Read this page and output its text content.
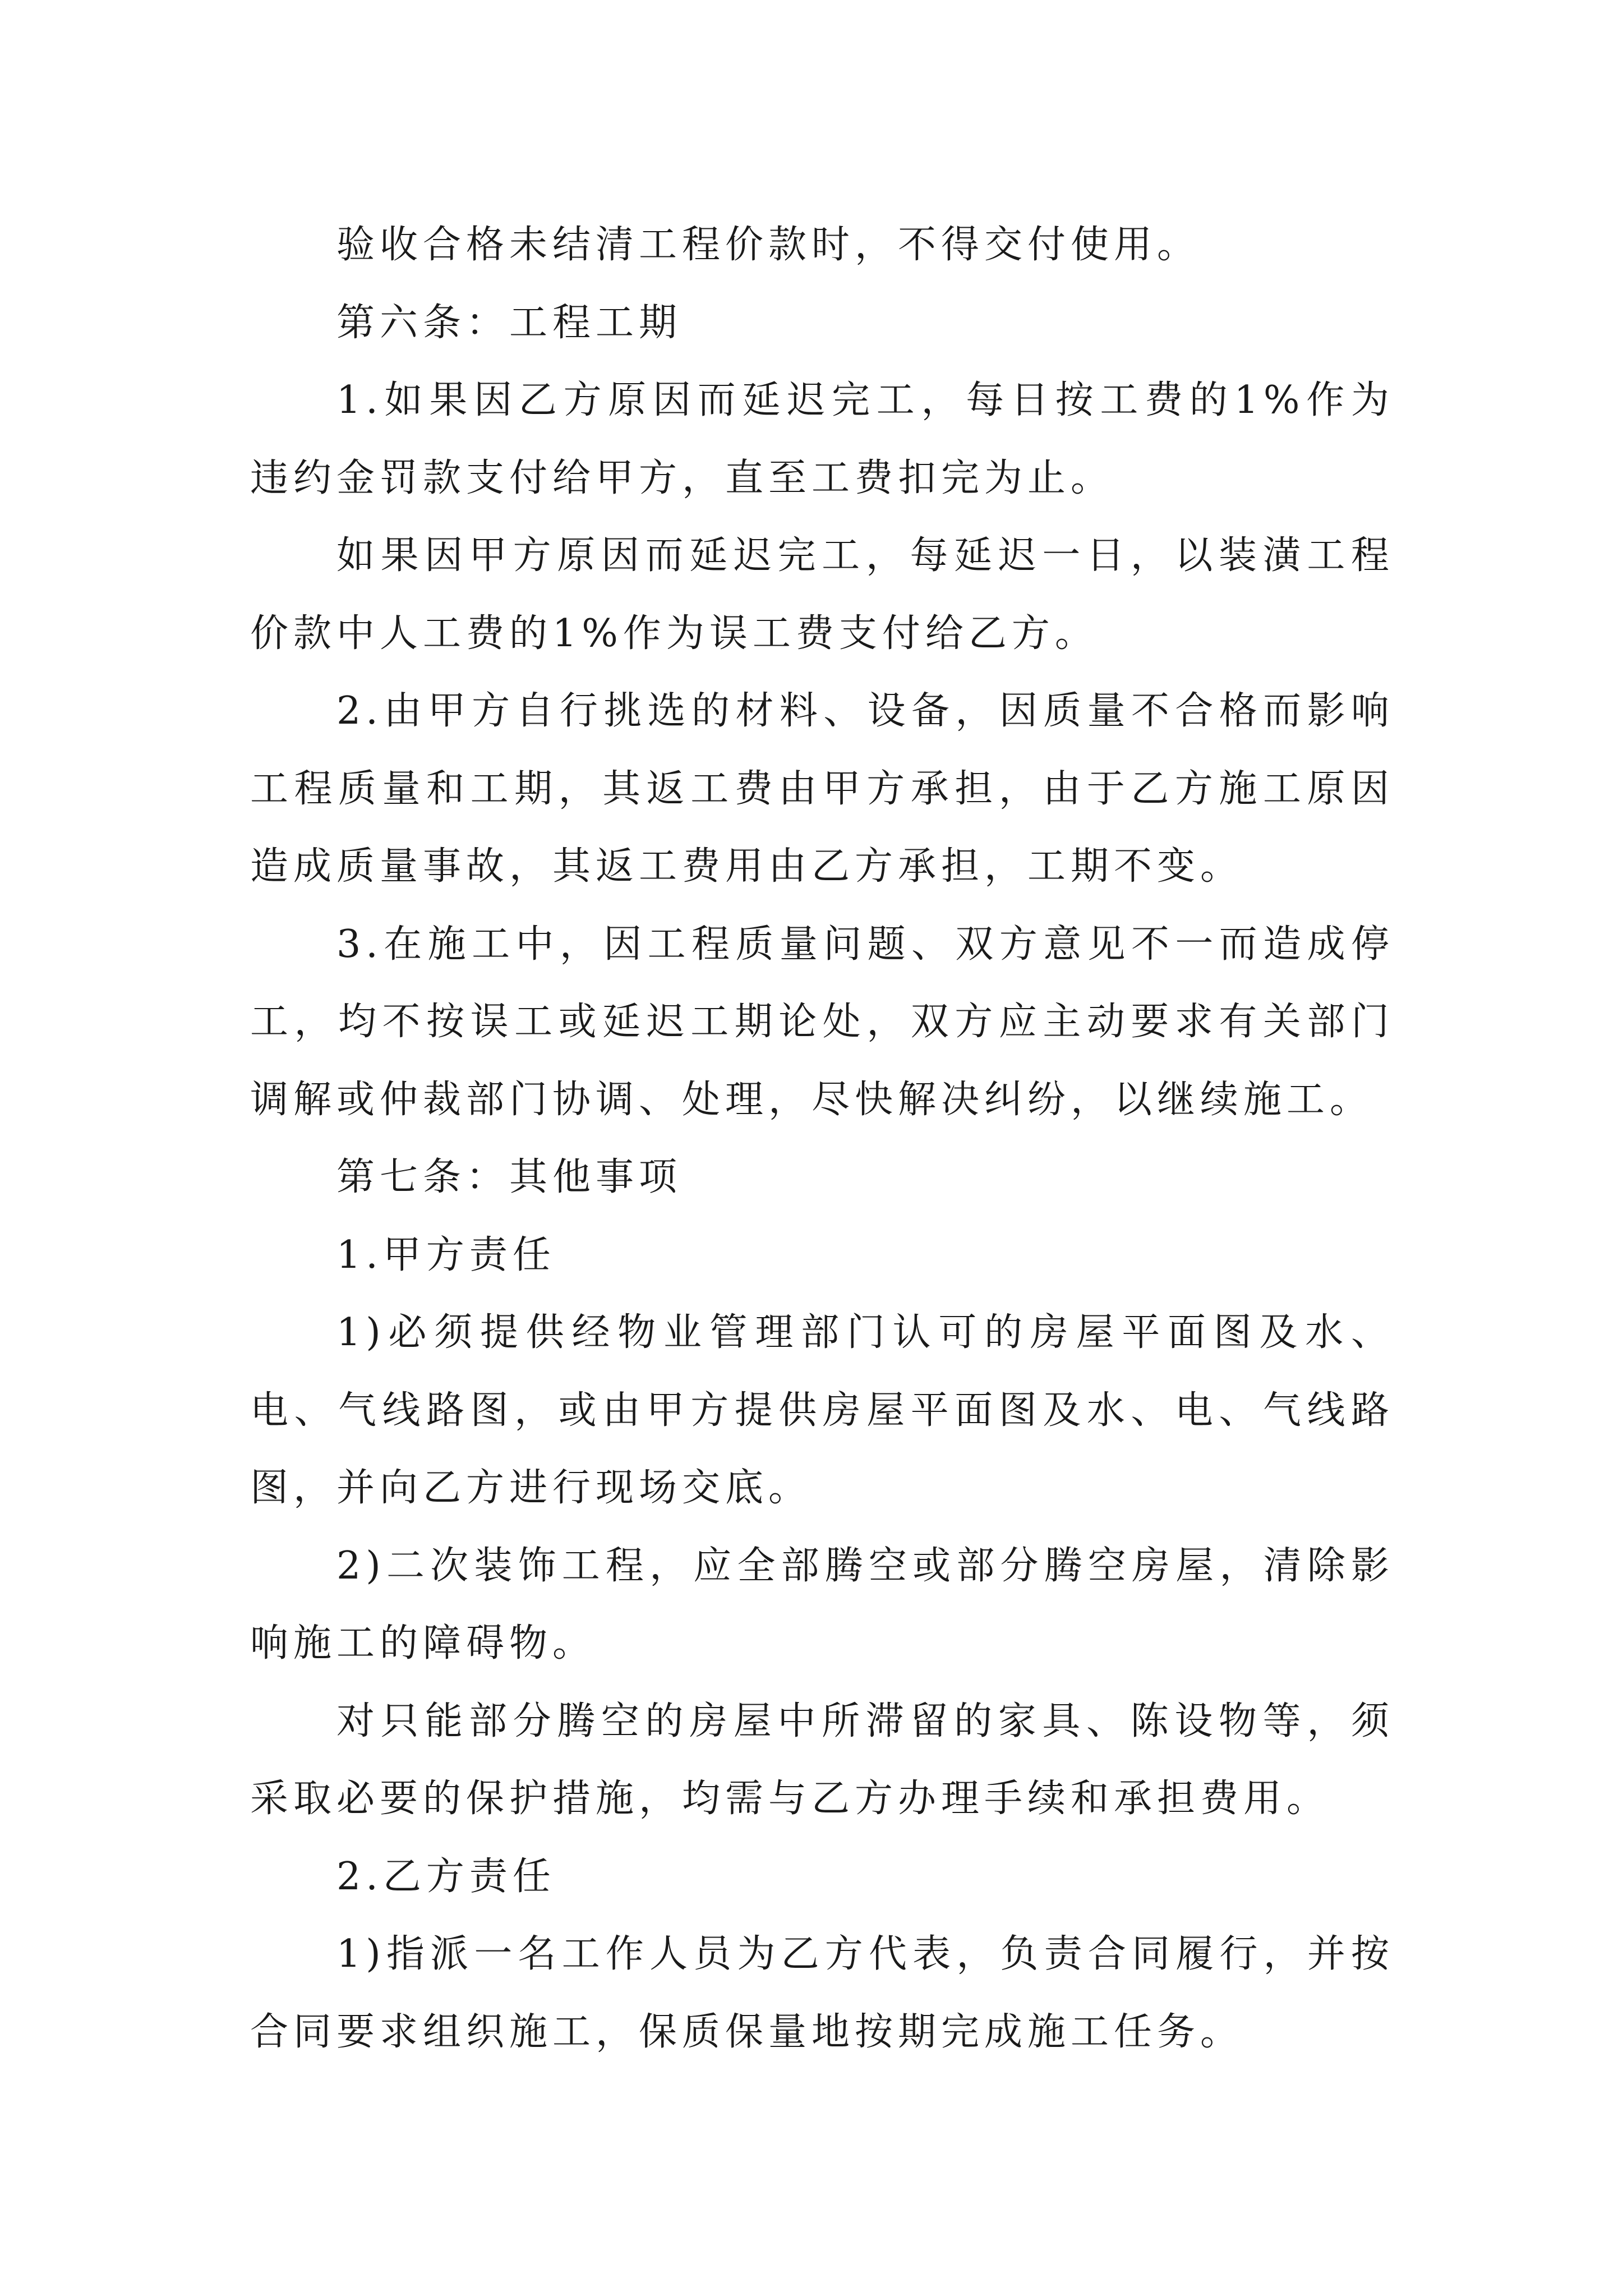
验收合格未结清工程价款时，不得交付使用。

第六条：工程工期

1.如果因乙方原因而延迟完工，每日按工费的1%作为违约金罚款支付给甲方，直至工费扣完为止。

如果因甲方原因而延迟完工，每延迟一日，以装潢工程价款中人工费的1%作为误工费支付给乙方。

2.由甲方自行挑选的材料、设备，因质量不合格而影响工程质量和工期，其返工费由甲方承担，由于乙方施工原因造成质量事故，其返工费用由乙方承担，工期不变。

3.在施工中，因工程质量问题、双方意见不一而造成停工，均不按误工或延迟工期论处，双方应主动要求有关部门调解或仲裁部门协调、处理，尽快解决纠纷，以继续施工。

第七条：其他事项

1.甲方责任

1)必须提供经物业管理部门认可的房屋平面图及水、电、气线路图，或由甲方提供房屋平面图及水、电、气线路图，并向乙方进行现场交底。

2)二次装饰工程，应全部腾空或部分腾空房屋，清除影响施工的障碍物。

对只能部分腾空的房屋中所滞留的家具、陈设物等，须采取必要的保护措施，均需与乙方办理手续和承担费用。

2.乙方责任

1)指派一名工作人员为乙方代表，负责合同履行，并按合同要求组织施工，保质保量地按期完成施工任务。
